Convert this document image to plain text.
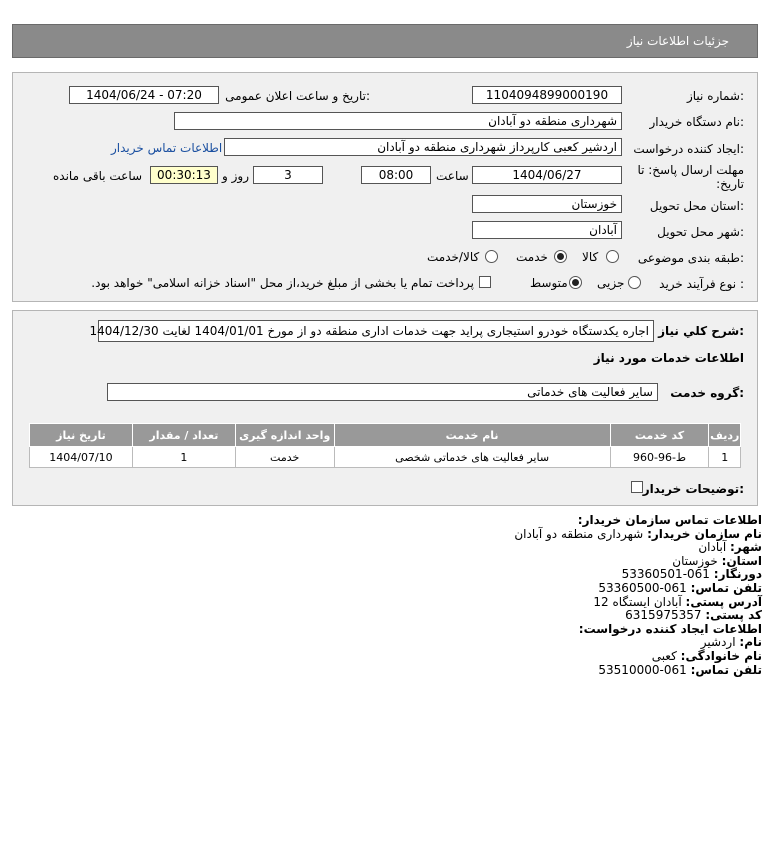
جزئیات اطلاعات نیاز
شماره نیاز:
1104094899000190
تاریخ و ساعت اعلان عمومی:
1404/06/24 - 07:20
نام دستگاه خریدار:
شهرداری منطقه دو آبادان
ایجاد کننده درخواست:
اردشیر کعبی کارپرداز شهرداری منطقه دو آبادان
اطلاعات تماس خریدار
مهلت ارسال پاسخ: تا تاریخ:
1404/06/27
ساعت
08:00
3
روز و
00:30:13
ساعت باقی مانده
استان محل تحویل:
خوزستان
شهر محل تحویل:
آبادان
طبقه بندی موضوعی:
کالا
خدمت
کالا/خدمت
نوع فرآیند خرید :
جزیی
متوسط
پرداخت تمام یا بخشی از مبلغ خرید،از محل "اسناد خزانه اسلامی" خواهد بود.
شرح کلي نياز:
اجاره یکدستگاه خودرو استیجاری پراید جهت خدمات اداری منطقه دو از مورخ 1404/01/01 لغایت 1404/12/30
اطلاعات خدمات مورد نیاز
گروه خدمت:
سایر فعالیت های خدماتی
ردیف	کد خدمت	نام خدمت	واحد اندازه گیری	تعداد / مقدار	تاریخ نیاز
1	ط-96-960	سایر فعالیت های خدماتی شخصی	خدمت	1	1404/07/10
توضیحات خریدار:
اطلاعات تماس سازمان خریدار:
نام سازمان خریدار: شهرداری منطقه دو آبادان
شهر: آبادان
استان: خوزستان
دورنگار: 061-53360501
تلفن تماس: 061-53360500
آدرس پستی: آبادان ایستگاه 12
کد پستی: 6315975357
اطلاعات ایجاد کننده درخواست:
نام: اردشیر
نام خانوادگی: کعبی
تلفن تماس: 061-53510000
